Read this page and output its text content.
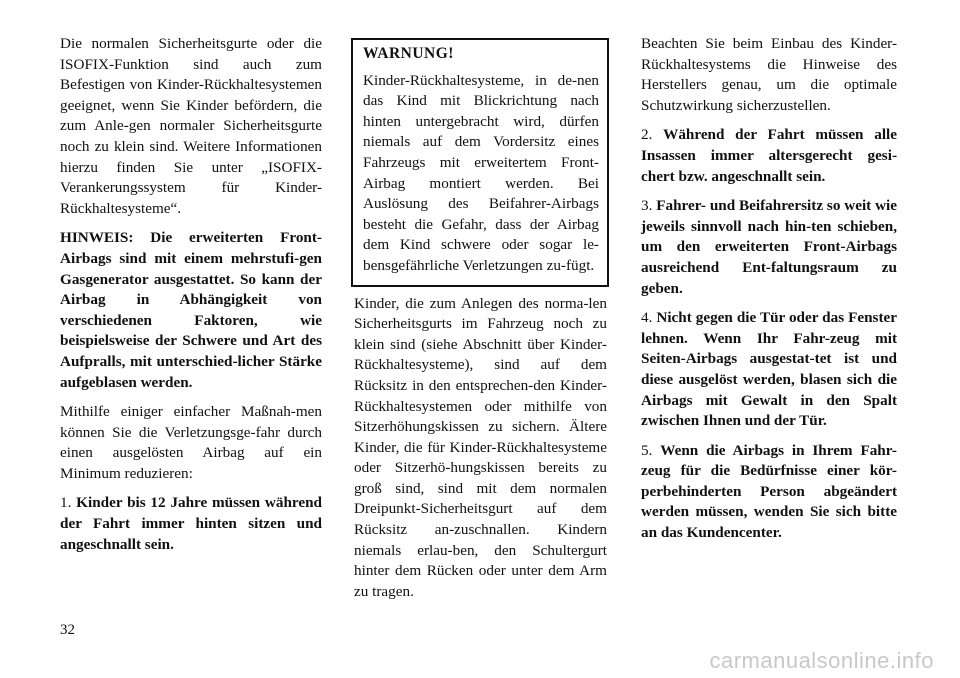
Die normalen Sicherheitsgurte oder die ISOFIX-Funktion sind auch zum Befestigen von Kinder-Rückhaltesystemen geeignet, wenn Sie Kinder befördern, die zum Anle-gen normaler Sicherheitsgurte noch zu klein sind. Weitere Informationen hierzu finden Sie unter „ISOFIX-Verankerungssystem für Kinder-Rückhaltesysteme“.

HINWEIS: Die erweiterten Front-Airbags sind mit einem mehrstufi-gen Gasgenerator ausgestattet. So kann der Airbag in Abhängigkeit von verschiedenen Faktoren, wie beispielsweise der Schwere und Art des Aufpralls, mit unterschied-licher Stärke aufgeblasen werden.

Mithilfe einiger einfacher Maßnah-men können Sie die Verletzungsge-fahr durch einen ausgelösten Airbag auf ein Minimum reduzieren:

1. Kinder bis 12 Jahre müssen während der Fahrt immer hinten sitzen und angeschnallt sein.

WARNUNG!

Kinder-Rückhaltesysteme, in de-nen das Kind mit Blickrichtung nach hinten untergebracht wird, dürfen niemals auf dem Vordersitz eines Fahrzeugs mit erweitertem Front-Airbag montiert werden. Bei Auslösung des Beifahrer-Airbags besteht die Gefahr, dass der Airbag dem Kind schwere oder sogar le-bensgefährliche Verletzungen zu-fügt.

Kinder, die zum Anlegen des norma-len Sicherheitsgurts im Fahrzeug noch zu klein sind (siehe Abschnitt über Kinder-Rückhaltesysteme), sind auf dem Rücksitz in den entsprechen-den Kinder-Rückhaltesystemen oder mithilfe von Sitzerhöhungskissen zu sichern. Ältere Kinder, die für Kinder-Rückhaltesysteme oder Sitzerhö-hungskissen bereits zu groß sind, sind mit dem normalen Dreipunkt-Sicherheitsgurt auf dem Rücksitz an-zuschnallen. Kindern niemals erlau-ben, den Schultergurt hinter dem Rücken oder unter dem Arm zu tragen.

Beachten Sie beim Einbau des Kinder-Rückhaltesystems die Hinweise des Herstellers genau, um die optimale Schutzwirkung sicherzustellen.

2. Während der Fahrt müssen alle Insassen immer altersgerecht gesi-chert bzw. angeschnallt sein.

3. Fahrer- und Beifahrersitz so weit wie jeweils sinnvoll nach hin-ten schieben, um den erweiterten Front-Airbags ausreichend Ent-faltungsraum zu geben.

4. Nicht gegen die Tür oder das Fenster lehnen. Wenn Ihr Fahr-zeug mit Seiten-Airbags ausgestat-tet ist und diese ausgelöst werden, blasen sich die Airbags mit Gewalt in den Spalt zwischen Ihnen und der Tür.

5. Wenn die Airbags in Ihrem Fahr-zeug für die Bedürfnisse einer kör-perbehinderten Person abgeändert werden müssen, wenden Sie sich bitte an das Kundencenter.

32
carmanualsonline.info
